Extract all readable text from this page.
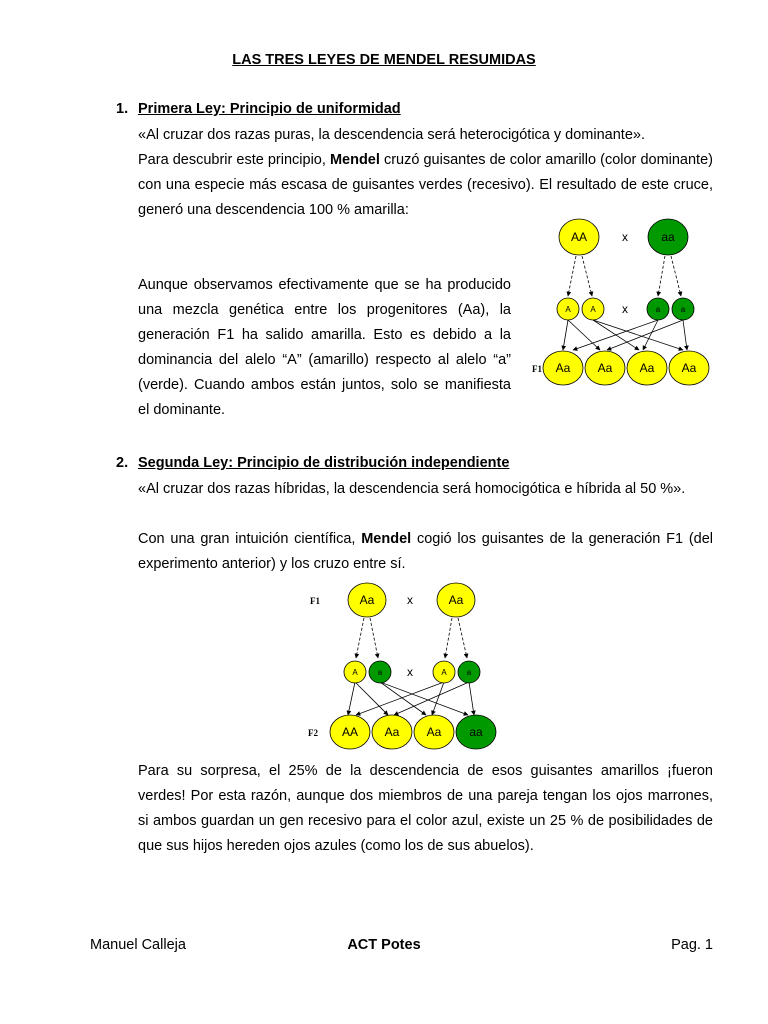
LAS TRES LEYES DE MENDEL RESUMIDAS
1. Primera Ley: Principio de uniformidad
«Al cruzar dos razas puras, la descendencia será heterocigótica y dominante».
Para descubrir este principio, Mendel cruzó guisantes de color amarillo (color dominante) con una especie más escasa de guisantes verdes (recesivo). El resultado de este cruce, generó una descendencia 100 % amarilla:
Aunque observamos efectivamente que se ha producido una mezcla genética entre los progenitores (Aa), la generación F1 ha salido amarilla. Esto es debido a la dominancia del alelo “A” (amarillo) respecto al alelo “a” (verde). Cuando ambos están juntos, solo se manifiesta el dominante.
AA	aa
x
x
A A	a	a
Aa Aa Aa Aa
F1
2. Segunda Ley: Principio de distribución independiente
«Al cruzar dos razas híbridas, la descendencia será homocigótica e híbrida al 50 %».
Con una gran intuición científica, Mendel cogió los guisantes de la generación F1 (del experimento anterior) y los cruzo entre sí.
Aa	Aa
x
x
A	a	A	a
AA Aa Aa aa
F1
F2
Para su sorpresa, el 25% de la descendencia de esos guisantes amarillos ¡fueron verdes! Por esta razón, aunque dos miembros de una pareja tengan los ojos marrones, si ambos guardan un gen recesivo para el color azul, existe un 25 % de posibilidades de que sus hijos hereden ojos azules (como los de sus abuelos).
Manuel Calleja	ACT Potes	Pag. 1
